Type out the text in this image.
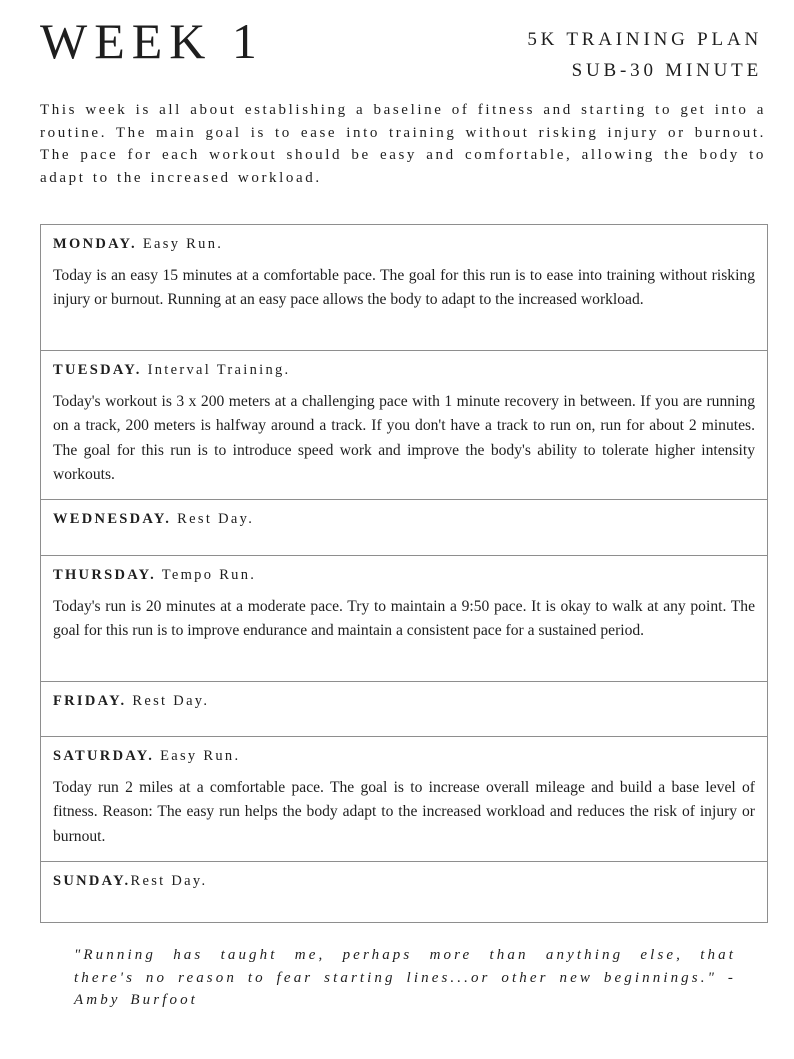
WEEK 1	5K TRAINING PLAN
SUB-30 MINUTE

This week is all about establishing a baseline of fitness and starting to get into a routine. The main goal is to ease into training without risking injury or burnout. The pace for each workout should be easy and comfortable, allowing the body to adapt to the increased workload.

MONDAY. Easy Run.

Today is an easy 15 minutes at a comfortable pace. The goal for this run is to ease into training without risking injury or burnout. Running at an easy pace allows the body to adapt to the increased workload.

TUESDAY. Interval Training.

Today's workout is 3 x 200 meters at a challenging pace with 1 minute recovery in between. If you are running on a track, 200 meters is halfway around a track. If you don't have a track to run on, run for about 2 minutes. The goal for this run is to introduce speed work and improve the body's ability to tolerate higher intensity workouts.

WEDNESDAY. Rest Day.
THURSDAY. Tempo Run.

Today's run is 20 minutes at a moderate pace. Try to maintain a 9:50 pace. It is okay to walk at any point. The goal for this run is to improve endurance and maintain a consistent pace for a sustained period.

FRIDAY. Rest Day.
SATURDAY. Easy Run.

Today run 2 miles at a comfortable pace. The goal is to increase overall mileage and build a base level of fitness. Reason: The easy run helps the body adapt to the increased workload and reduces the risk of injury or burnout.

SUNDAY.Rest Day.

"Running has taught me, perhaps more than anything else, that there's no reason to fear starting lines...or other new beginnings." - Amby Burfoot
